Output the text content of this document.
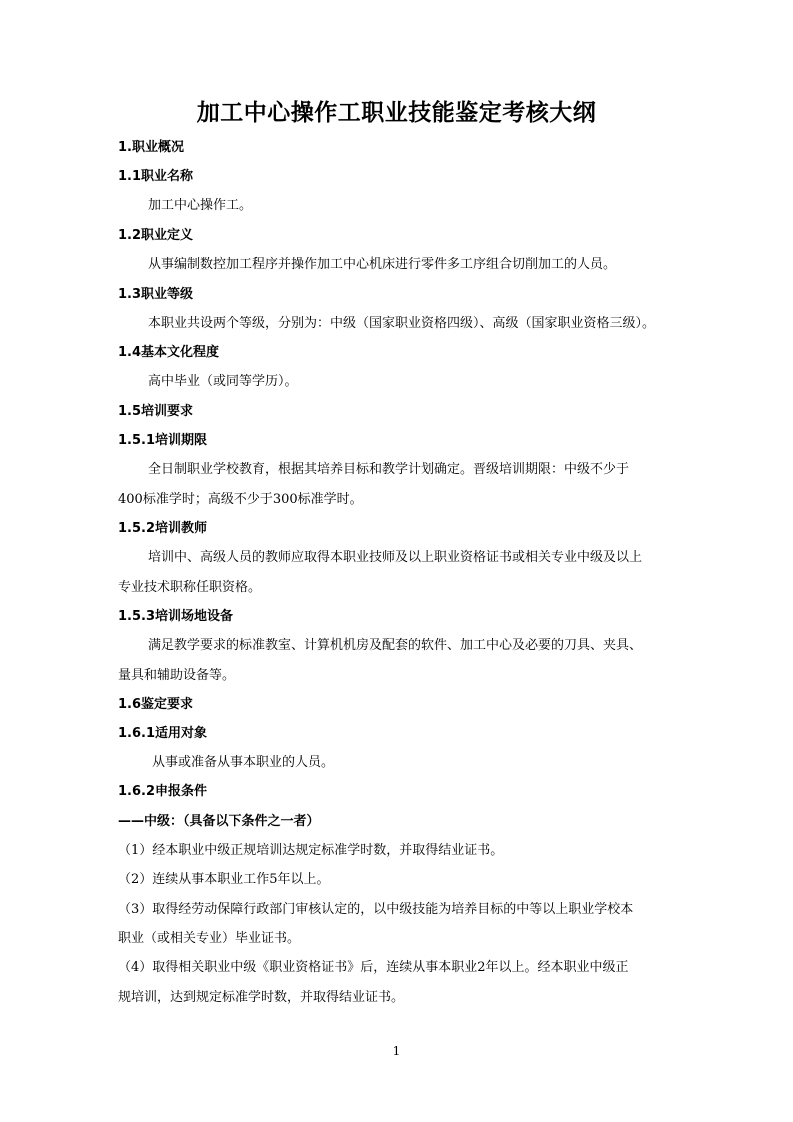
加工中心操作工职业技能鉴定考核大纲
1.职业概况
1.1职业名称
加工中心操作工。
1.2职业定义
从事编制数控加工程序并操作加工中心机床进行零件多工序组合切削加工的人员。
1.3职业等级
本职业共设两个等级，分别为：中级（国家职业资格四级）、高级（国家职业资格三级）。
1.4基本文化程度
高中毕业（或同等学历）。
1.5培训要求
1.5.1培训期限
全日制职业学校教育，根据其培养目标和教学计划确定。晋级培训期限：中级不少于
400标准学时；高级不少于300标准学时。
1.5.2培训教师
培训中、高级人员的教师应取得本职业技师及以上职业资格证书或相关专业中级及以上
专业技术职称任职资格。
1.5.3培训场地设备
满足教学要求的标准教室、计算机机房及配套的软件、加工中心及必要的刀具、夹具、
量具和辅助设备等。
1.6鉴定要求
1.6.1适用对象
从事或准备从事本职业的人员。
1.6.2申报条件
——中级：（具备以下条件之一者）
（1）经本职业中级正规培训达规定标准学时数，并取得结业证书。
（2）连续从事本职业工作5年以上。
（3）取得经劳动保障行政部门审核认定的，以中级技能为培养目标的中等以上职业学校本
职业（或相关专业）毕业证书。
（4）取得相关职业中级《职业资格证书》后，连续从事本职业2年以上。经本职业中级正
规培训，达到规定标准学时数，并取得结业证书。
1
